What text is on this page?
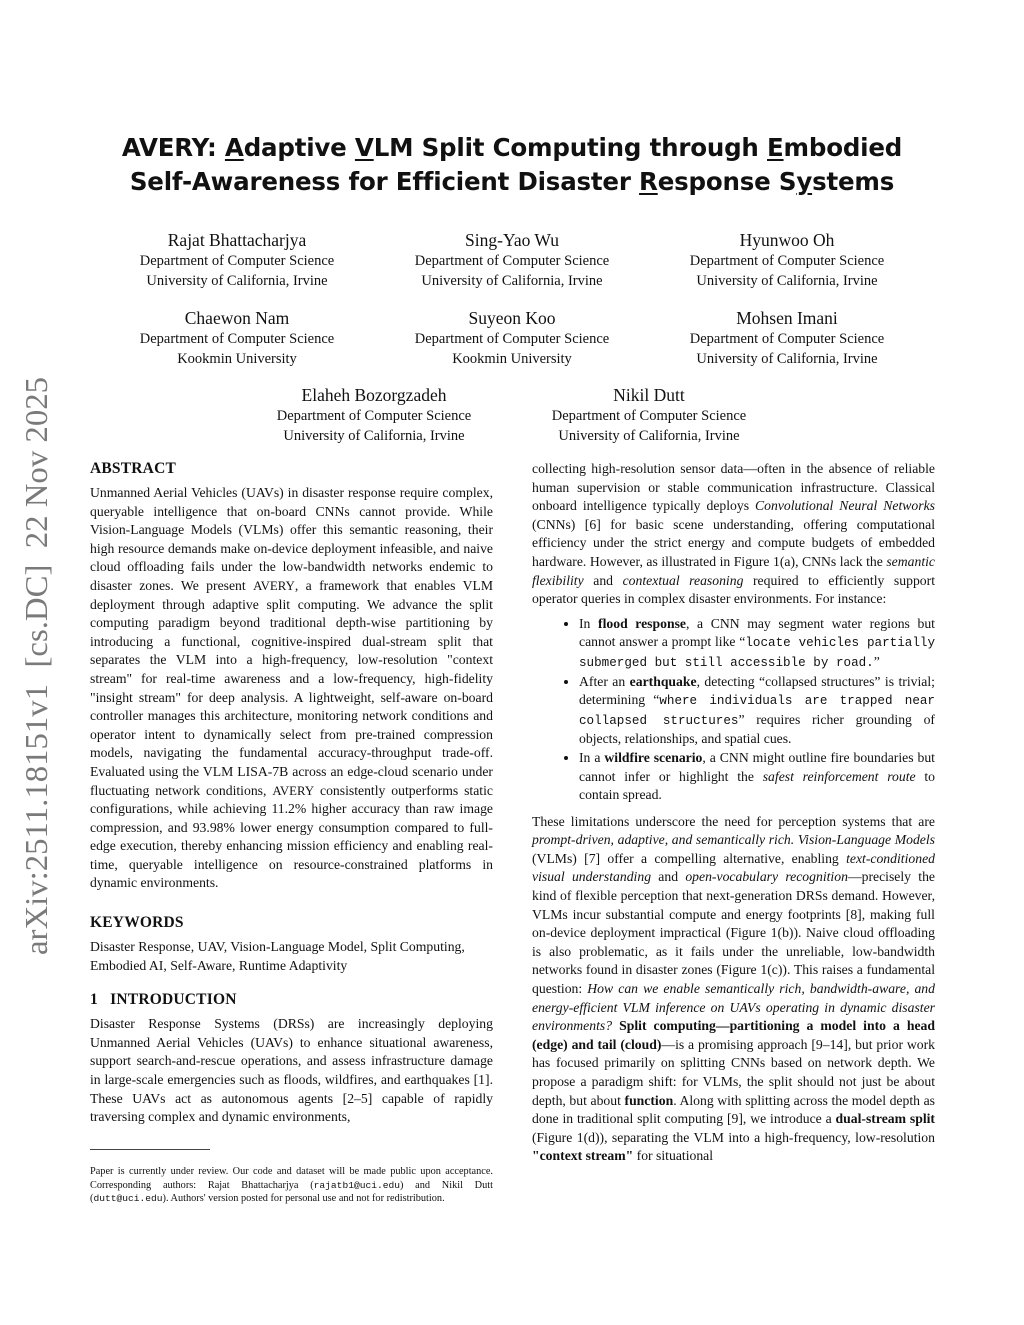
arXiv:2511.18151v1  [cs.DC]  22 Nov 2025
AVERY: Adaptive VLM Split Computing through Embodied
Self-Awareness for Efficient Disaster Response Systems
Rajat Bhattacharjya
Department of Computer Science
University of California, Irvine
Sing-Yao Wu
Department of Computer Science
University of California, Irvine
Hyunwoo Oh
Department of Computer Science
University of California, Irvine
Chaewon Nam
Department of Computer Science
Kookmin University
Suyeon Koo
Department of Computer Science
Kookmin University
Mohsen Imani
Department of Computer Science
University of California, Irvine
Elaheh Bozorgzadeh
Department of Computer Science
University of California, Irvine
Nikil Dutt
Department of Computer Science
University of California, Irvine
ABSTRACT

Unmanned Aerial Vehicles (UAVs) in disaster response require complex, queryable intelligence that on-board CNNs cannot provide. While Vision-Language Models (VLMs) offer this semantic reasoning, their high resource demands make on-device deployment infeasible, and naive cloud offloading fails under the low-bandwidth networks endemic to disaster zones. We present AVERY, a framework that enables VLM deployment through adaptive split computing. We advance the split computing paradigm beyond traditional depth-wise partitioning by introducing a functional, cognitive-inspired dual-stream split that separates the VLM into a high-frequency, low-resolution "context stream" for real-time awareness and a low-frequency, high-fidelity "insight stream" for deep analysis. A lightweight, self-aware on-board controller manages this architecture, monitoring network conditions and operator intent to dynamically select from pre-trained compression models, navigating the fundamental accuracy-throughput trade-off. Evaluated using the VLM LISA-7B across an edge-cloud scenario under fluctuating network conditions, AVERY consistently outperforms static configurations, while achieving 11.2% higher accuracy than raw image compression, and 93.98% lower energy consumption compared to full-edge execution, thereby enhancing mission efficiency and enabling real-time, queryable intelligence on resource-constrained platforms in dynamic environments.

KEYWORDS

Disaster Response, UAV, Vision-Language Model, Split Computing, Embodied AI, Self-Aware, Runtime Adaptivity

1   INTRODUCTION

Disaster Response Systems (DRSs) are increasingly deploying Unmanned Aerial Vehicles (UAVs) to enhance situational awareness, support search-and-rescue operations, and assess infrastructure damage in large-scale emergencies such as floods, wildfires, and earthquakes [1]. These UAVs act as autonomous agents [2–5] capable of rapidly traversing complex and dynamic environments,

Paper is currently under review. Our code and dataset will be made public upon acceptance. Corresponding authors: Rajat Bhattacharjya (rajatb1@uci.edu) and Nikil Dutt (dutt@uci.edu). Authors' version posted for personal use and not for redistribution.

collecting high-resolution sensor data—often in the absence of reliable human supervision or stable communication infrastructure. Classical onboard intelligence typically deploys Convolutional Neural Networks (CNNs) [6] for basic scene understanding, offering computational efficiency under the strict energy and compute budgets of embedded hardware. However, as illustrated in Figure 1(a), CNNs lack the semantic flexibility and contextual reasoning required to efficiently support operator queries in complex disaster environments. For instance:

• In flood response, a CNN may segment water regions but cannot answer a prompt like “locate vehicles partially submerged but still accessible by road.”
• After an earthquake, detecting “collapsed structures” is trivial; determining “where individuals are trapped near collapsed structures” requires richer grounding of objects, relationships, and spatial cues.
• In a wildfire scenario, a CNN might outline fire boundaries but cannot infer or highlight the safest reinforcement route to contain spread.

These limitations underscore the need for perception systems that are prompt-driven, adaptive, and semantically rich. Vision-Language Models (VLMs) [7] offer a compelling alternative, enabling text-conditioned visual understanding and open-vocabulary recognition—precisely the kind of flexible perception that next-generation DRSs demand. However, VLMs incur substantial compute and energy footprints [8], making full on-device deployment impractical (Figure 1(b)). Naive cloud offloading is also problematic, as it fails under the unreliable, low-bandwidth networks found in disaster zones (Figure 1(c)). This raises a fundamental question: How can we enable semantically rich, bandwidth-aware, and energy-efficient VLM inference on UAVs operating in dynamic disaster environments? Split computing—partitioning a model into a head (edge) and tail (cloud)—is a promising approach [9–14], but prior work has focused primarily on splitting CNNs based on network depth. We propose a paradigm shift: for VLMs, the split should not just be about depth, but about function. Along with splitting across the model depth as done in traditional split computing [9], we introduce a dual-stream split (Figure 1(d)), separating the VLM into a high-frequency, low-resolution "context stream" for situational
